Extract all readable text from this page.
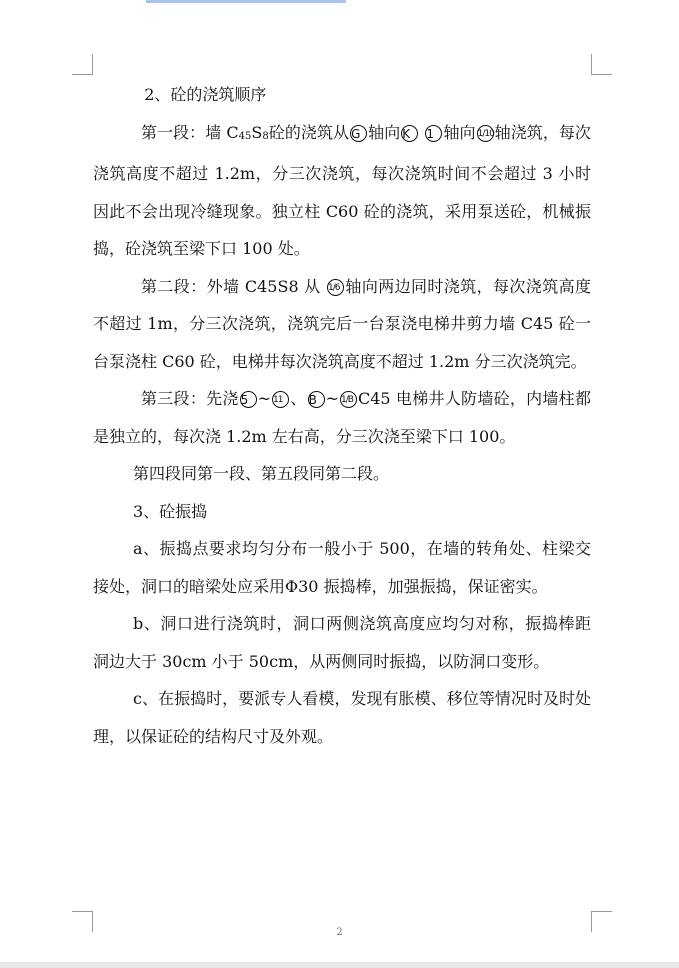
2、砼的浇筑顺序

第一段：墙 $C_{45}S_8$砼的浇筑从 G 轴向 K 1 轴向 1/10轴浇筑，每次浇筑高度不超过 1.2m，分三次浇筑，每次浇筑时间不会超过 3 小时因此不会出现冷缝现象。独立柱 C60 砼的浇筑，采用泵送砼，机械振捣，砼浇筑至梁下口 100 处。

第二段：外墙 C45S8 从 1/6 轴向两边同时浇筑，每次浇筑高度不超过 1m，分三次浇筑，浇筑完后一台泵浇电梯井剪力墙 C45 砼一台泵浇柱 C60 砼，电梯井每次浇筑高度不超过 1.2m 分三次浇筑完。

第三段：先浇 5 ~ 11 、 B ~ 1/B C45 电梯井人防墙砼，内墙柱都是独立的，每次浇 1.2m 左右高，分三次浇至梁下口 100。

第四段同第一段、第五段同第二段。

3、砼振捣

a、振捣点要求均匀分布一般小于 500，在墙的转角处、柱梁交接处，洞口的暗梁处应采用Φ30 振捣棒，加强振捣，保证密实。

b、洞口进行浇筑时，洞口两侧浇筑高度应均匀对称，振捣棒距洞边大于 30cm 小于 50cm，从两侧同时振捣，以防洞口变形。

c、在振捣时，要派专人看模，发现有胀模、移位等情况时及时处理，以保证砼的结构尺寸及外观。

2
